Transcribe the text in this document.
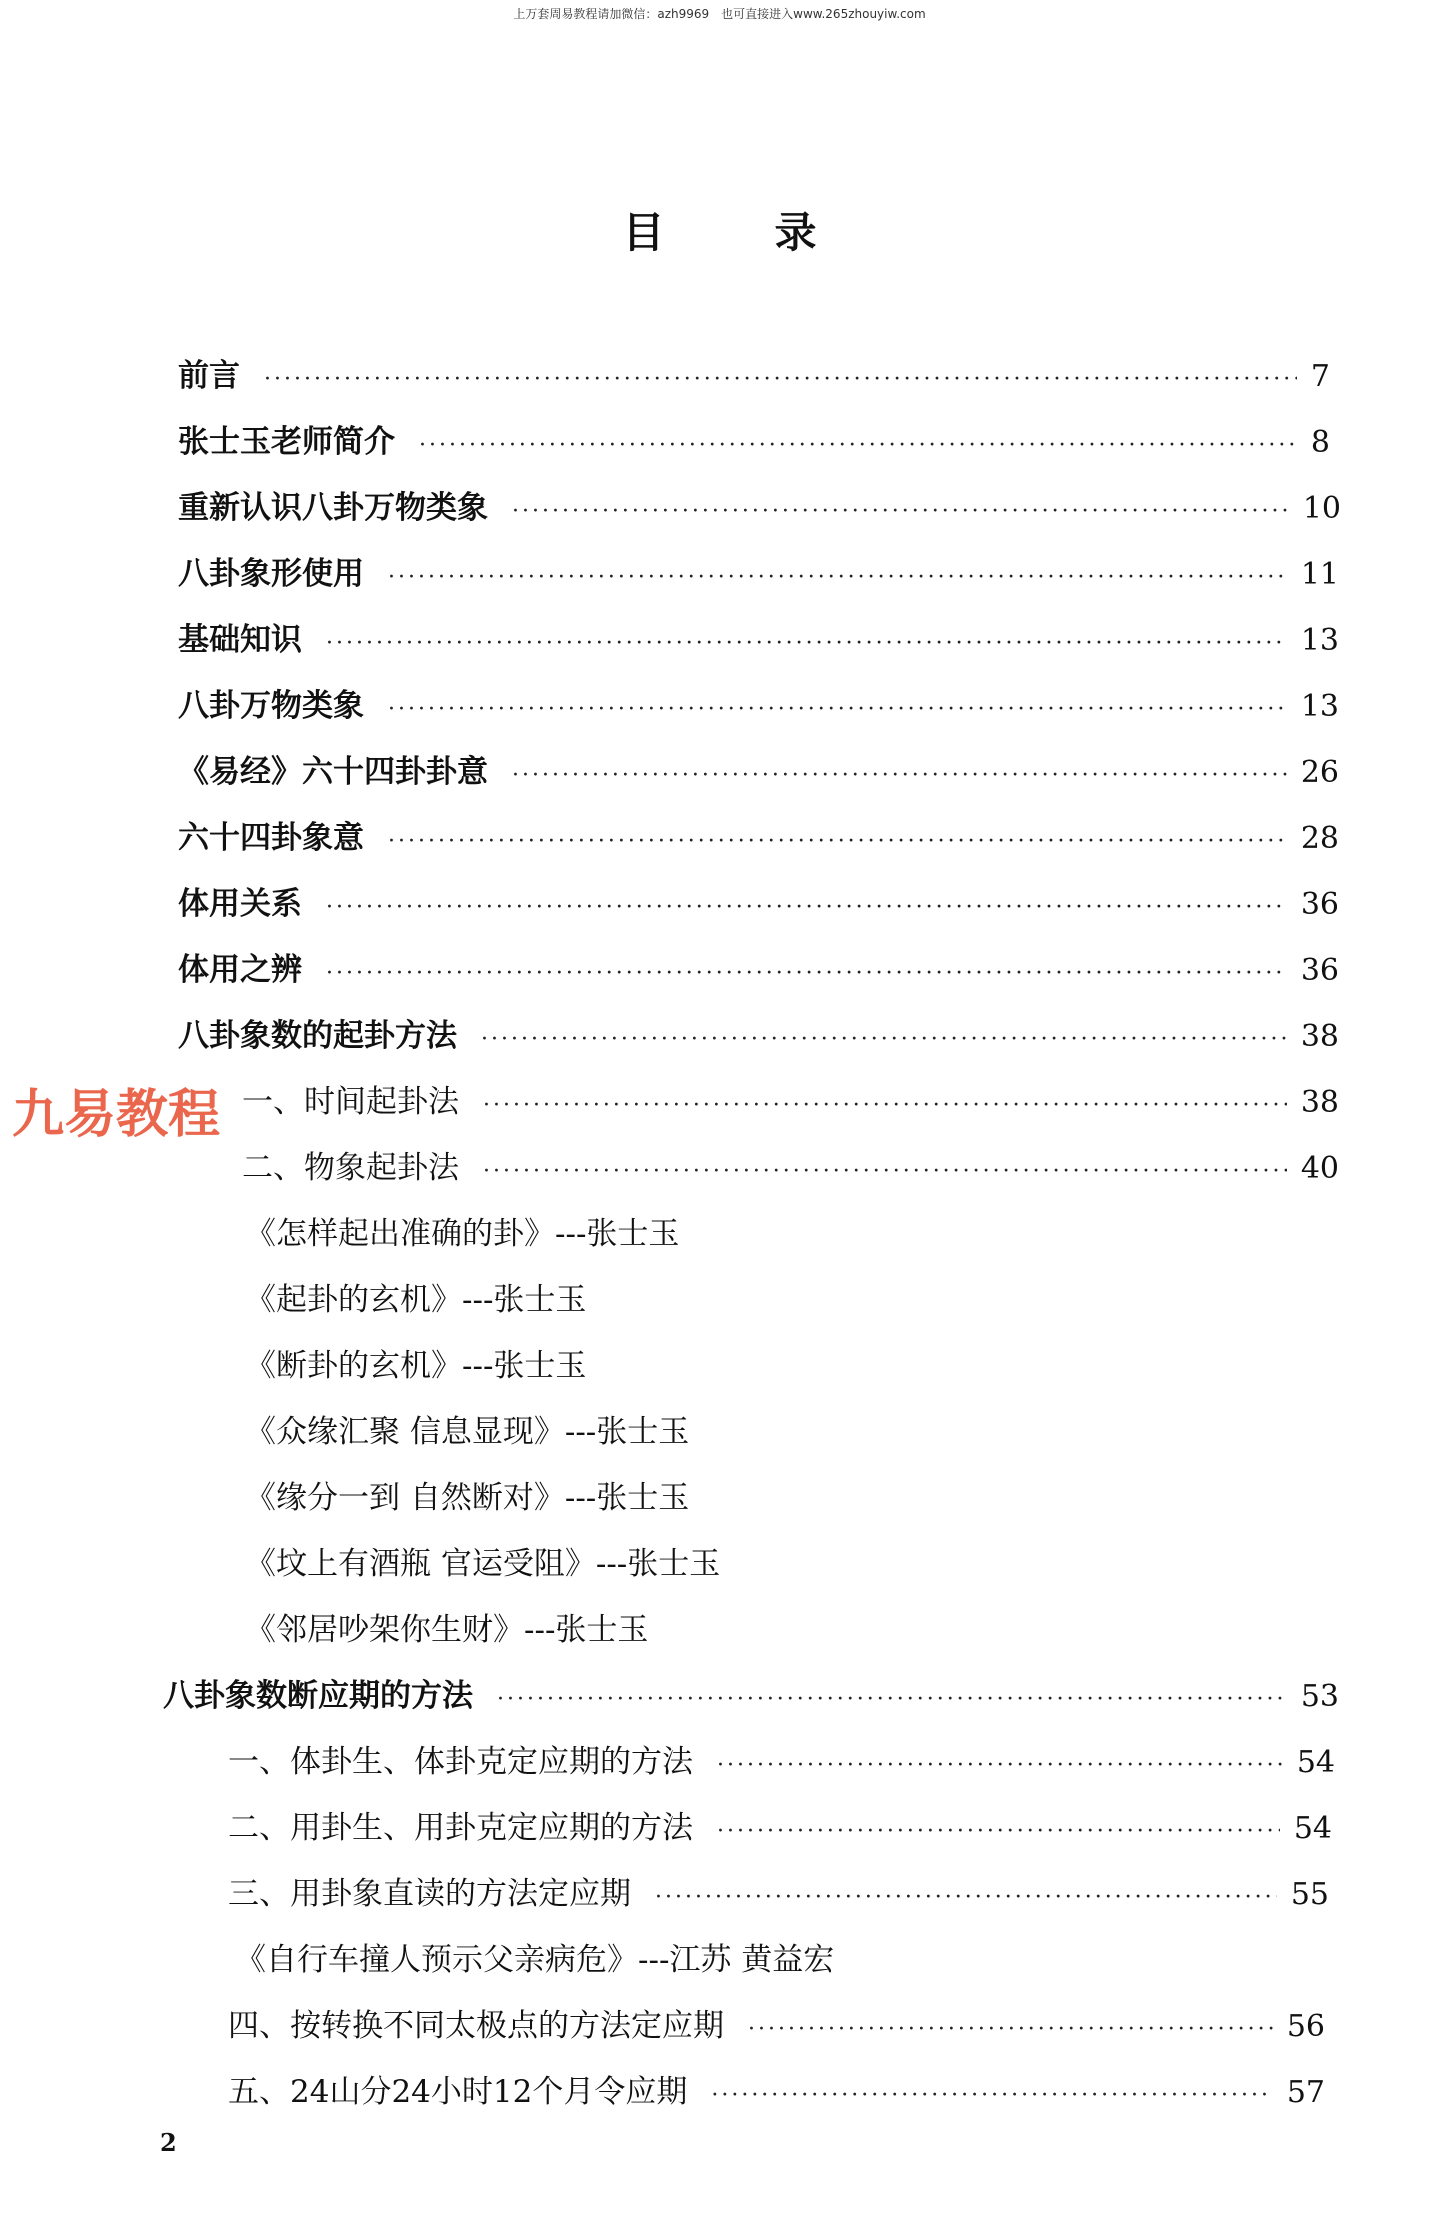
上万套周易教程请加微信：azh9969　也可直接进入www.265zhouyiw.com
目录
前言 ·····	7
张士玉老师简介 ·····	8
重新认识八卦万物类象 ·····	10
八卦象形使用 ·····	11
基础知识 ·····	13
八卦万物类象 ·····	13
《易经》六十四卦卦意 ·····	26
六十四卦象意 ·····	28
体用关系 ·····	36
体用之辨 ·····	36
八卦象数的起卦方法 ·····	38
一、时间起卦法 ·····	38
二、物象起卦法 ·····	40
《怎样起出准确的卦》---张士玉
《起卦的玄机》---张士玉
《断卦的玄机》---张士玉
《众缘汇聚 信息显现》---张士玉
《缘分一到 自然断对》---张士玉
《坟上有酒瓶 官运受阻》---张士玉
《邻居吵架你生财》---张士玉
八卦象数断应期的方法 ·····	53
一、体卦生、体卦克定应期的方法 ·····	54
二、用卦生、用卦克定应期的方法 ·····	54
三、用卦象直读的方法定应期 ·····	55
《自行车撞人预示父亲病危》---江苏 黄益宏
四、按转换不同太极点的方法定应期 ·····	56
五、24山分24小时12个月令应期 ·····	57
九易教程
2
